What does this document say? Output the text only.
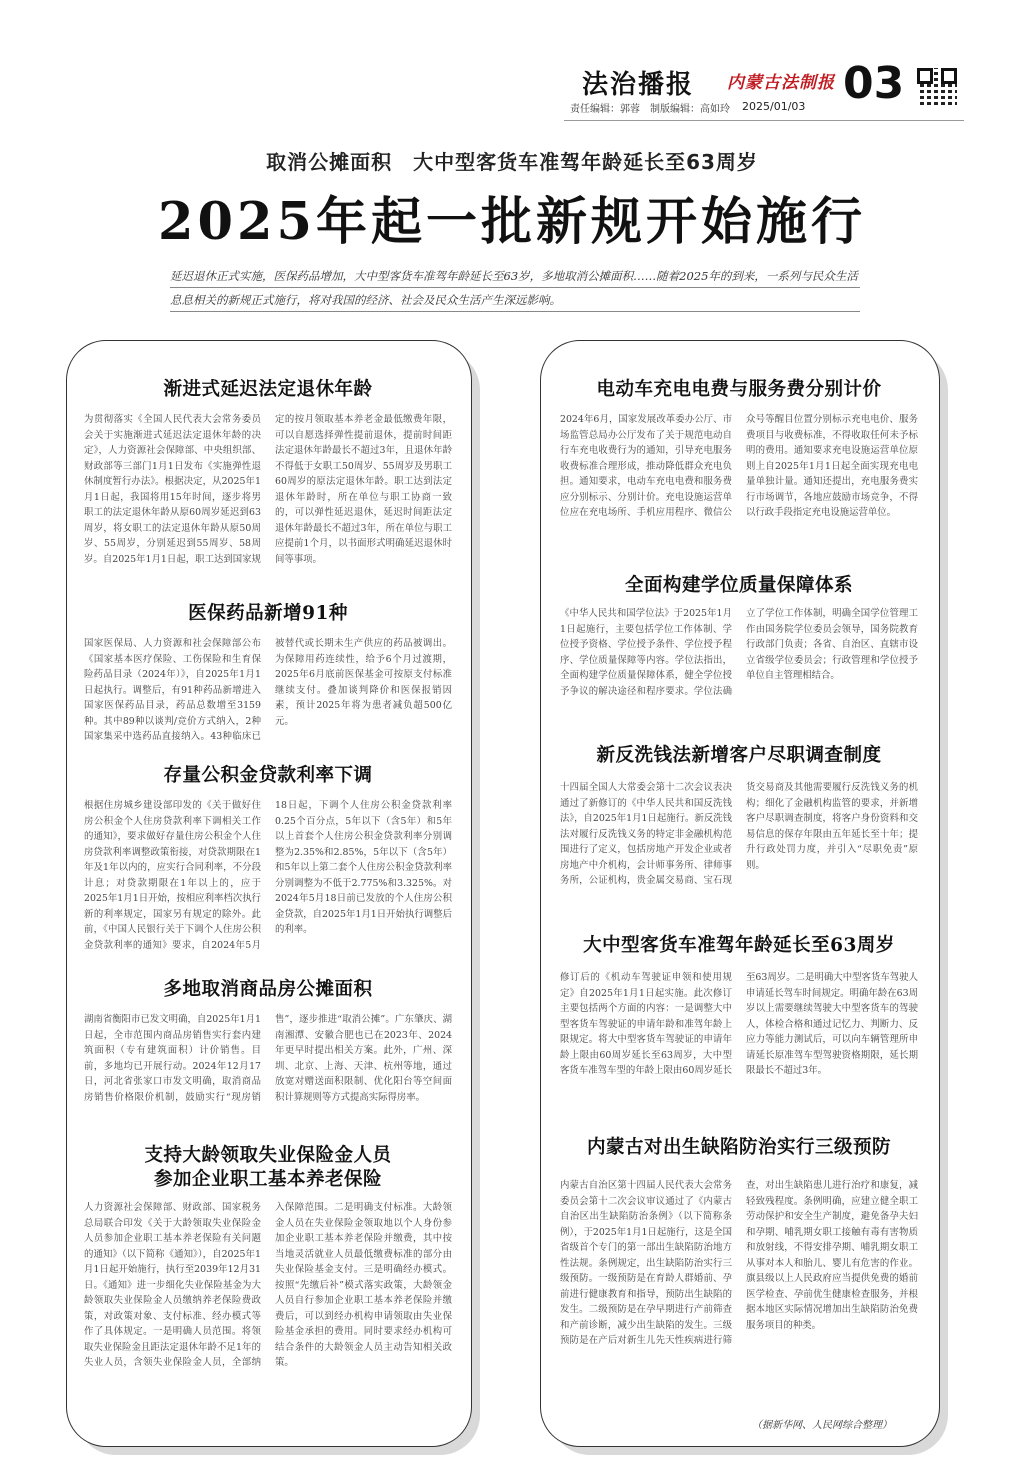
法治播报
责任编辑：郭蓉　制版编辑：高如玲
内蒙古法制报
2025/01/03 03
取消公摊面积　大中型客货车准驾年龄延长至63周岁
2025年起一批新规开始施行
延迟退休正式实施，医保药品增加，大中型客货车准驾年龄延长至63岁，多地取消公摊面积……随着2025年的到来，一系列与民众生活息息相关的新规正式施行，将对我国的经济、社会及民众生活产生深远影响。
渐进式延迟法定退休年龄
为贯彻落实《全国人民代表大会常务委员会关于实施渐进式延迟法定退休年龄的决定》，人力资源社会保障部、中央组织部、财政部等三部门1月1日发布《实施弹性退休制度暂行办法》。根据决定，从2025年1月1日起，我国将用15年时间，逐步将男职工的法定退休年龄从原60周岁延迟到63周岁，将女职工的法定退休年龄从原50周岁、55周岁，分别延迟到55周岁、58周岁。自2025年1月1日起，职工达到国家规定的按月领取基本养老金最低缴费年限，可以自愿选择弹性提前退休，提前时间距法定退休年龄最长不超过3年，且退休年龄不得低于女职工50周岁、55周岁及男职工60周岁的原法定退休年龄。职工达到法定退休年龄时，所在单位与职工协商一致的，可以弹性延迟退休，延迟时间距法定退休年龄最长不超过3年，所在单位与职工应提前1个月，以书面形式明确延迟退休时间等事项。
医保药品新增91种
国家医保局、人力资源和社会保障部公布《国家基本医疗保险、工伤保险和生育保险药品目录（2024年）》，自2025年1月1日起执行。调整后，有91种药品新增进入国家医保药品目录，药品总数增至3159种。其中89种以谈判/竞价方式纳入，2种国家集采中选药品直接纳入。43种临床已被替代或长期未生产供应的药品被调出。为保障用药连续性，给予6个月过渡期，2025年6月底前医保基金可按原支付标准继续支付。叠加谈判降价和医保报销因素，预计2025年将为患者减负超500亿元。
存量公积金贷款利率下调
根据住房城乡建设部印发的《关于做好住房公积金个人住房贷款利率下调相关工作的通知》，要求做好存量住房公积金个人住房贷款利率调整政策衔接，对贷款期限在1年及1年以内的，应实行合同利率，不分段计息；对贷款期限在1年以上的，应于2025年1月1日开始，按相应利率档次执行新的利率规定，国家另有规定的除外。此前，《中国人民银行关于下调个人住房公积金贷款利率的通知》要求，自2024年5月18日起，下调个人住房公积金贷款利率0.25个百分点，5年以下（含5年）和5年以上首套个人住房公积金贷款利率分别调整为2.35%和2.85%，5年以下（含5年）和5年以上第二套个人住房公积金贷款利率分别调整为不低于2.775%和3.325%。对2024年5月18日前已发放的个人住房公积金贷款，自2025年1月1日开始执行调整后的利率。
多地取消商品房公摊面积
湖南省衡阳市已发文明确，自2025年1月1日起，全市范围内商品房销售实行套内建筑面积（专有建筑面积）计价销售。目前，多地均已开展行动。2024年12月17日，河北省张家口市发文明确，取消商品房销售价格限价机制，鼓励实行“现房销售”，逐步推进“取消公摊”。广东肇庆、湖南湘潭、安徽合肥也已在2023年、2024年更早时提出相关方案。此外，广州、深圳、北京、上海、天津、杭州等地，通过放宽对赠送面积限制、优化阳台等空间面积计算规则等方式提高实际得房率。
支持大龄领取失业保险金人员
参加企业职工基本养老保险
人力资源社会保障部、财政部、国家税务总局联合印发《关于大龄领取失业保险金人员参加企业职工基本养老保险有关问题的通知》（以下简称《通知》），自2025年1月1日起开始施行，执行至2039年12月31日。《通知》进一步细化失业保险基金为大龄领取失业保险金人员缴纳养老保险费政策，对政策对象、支付标准、经办模式等作了具体规定。一是明确人员范围。将领取失业保险金且距法定退休年龄不足1年的失业人员，含领失业保险金人员，全部纳入保障范围。二是明确支付标准。大龄领金人员在失业保险金领取地以个人身份参加企业职工基本养老保险并缴费，其中按当地灵活就业人员最低缴费标准的部分由失业保险基金支付。三是明确经办模式。按照“先缴后补”模式落实政策，大龄领金人员自行参加企业职工基本养老保险并缴费后，可以到经办机构申请领取由失业保险基金承担的费用。同时要求经办机构可结合条件的大龄领金人员主动告知相关政策。
电动车充电电费与服务费分别计价
2024年6月，国家发展改革委办公厅、市场监管总局办公厅发布了关于规范电动自行车充电收费行为的通知，引导充电服务收费标准合理形成，推动降低群众充电负担。通知要求，电动车充电电费和服务费应分别标示、分别计价。充电设施运营单位应在充电场所、手机应用程序、微信公众号等醒目位置分别标示充电电价、服务费项目与收费标准，不得收取任何未予标明的费用。通知要求充电设施运营单位原则上自2025年1月1日起全面实现充电电量单独计量。通知还提出，充电服务费实行市场调节，各地应鼓励市场竞争，不得以行政手段指定充电设施运营单位。
全面构建学位质量保障体系
《中华人民共和国学位法》于2025年1月1日起施行，主要包括学位工作体制、学位授予资格、学位授予条件、学位授予程序、学位质量保障等内容。学位法指出，全面构建学位质量保障体系，健全学位授予争议的解决途径和程序要求。学位法确立了学位工作体制，明确全国学位管理工作由国务院学位委员会领导，国务院教育行政部门负责；各省、自治区、直辖市设立省级学位委员会；行政管理和学位授予单位自主管理相结合。
新反洗钱法新增客户尽职调查制度
十四届全国人大常委会第十二次会议表决通过了新修订的《中华人民共和国反洗钱法》，自2025年1月1日起施行。新反洗钱法对履行反洗钱义务的特定非金融机构范围进行了定义，包括房地产开发企业或者房地产中介机构，会计师事务所、律师事务所，公证机构，贵金属交易商、宝石现货交易商及其他需要履行反洗钱义务的机构；细化了金融机构监管的要求，并新增客户尽职调查制度，将客户身份资料和交易信息的保存年限由五年延长至十年；提升行政处罚力度，并引入“尽职免责”原则。
大中型客货车准驾年龄延长至63周岁
修订后的《机动车驾驶证申领和使用规定》自2025年1月1日起实施。此次修订主要包括两个方面的内容：一是调整大中型客货车驾驶证的申请年龄和准驾年龄上限规定。将大中型客货车驾驶证的申请年龄上限由60周岁延长至63周岁，大中型客货车准驾车型的年龄上限由60周岁延长至63周岁。二是明确大中型客货车驾驶人申请延长驾车时间规定。明确年龄在63周岁以上需要继续驾驶大中型客货车的驾驶人，体检合格和通过记忆力、判断力、反应力等能力测试后，可以向车辆管理所申请延长原准驾车型驾驶资格期限，延长期限最长不超过3年。
内蒙古对出生缺陷防治实行三级预防
内蒙古自治区第十四届人民代表大会常务委员会第十二次会议审议通过了《内蒙古自治区出生缺陷防治条例》（以下简称条例），于2025年1月1日起施行，这是全国省级首个专门的第一部出生缺陷防治地方性法规。条例规定，出生缺陷防治实行三级预防。一级预防是在育龄人群婚前、孕前进行健康教育和指导，预防出生缺陷的发生。二级预防是在孕早期进行产前筛查和产前诊断，减少出生缺陷的发生。三级预防是在产后对新生儿先天性疾病进行筛查，对出生缺陷患儿进行治疗和康复，减轻致残程度。条例明确，应建立健全职工劳动保护和安全生产制度，避免备孕夫妇和孕期、哺乳期女职工接触有毒有害物质和放射线，不得安排孕期、哺乳期女职工从事对本人和胎儿、婴儿有危害的作业。旗县级以上人民政府应当提供免费的婚前医学检查、孕前优生健康检查服务，并根据本地区实际情况增加出生缺陷防治免费服务项目的种类。
（据新华网、人民网综合整理）
